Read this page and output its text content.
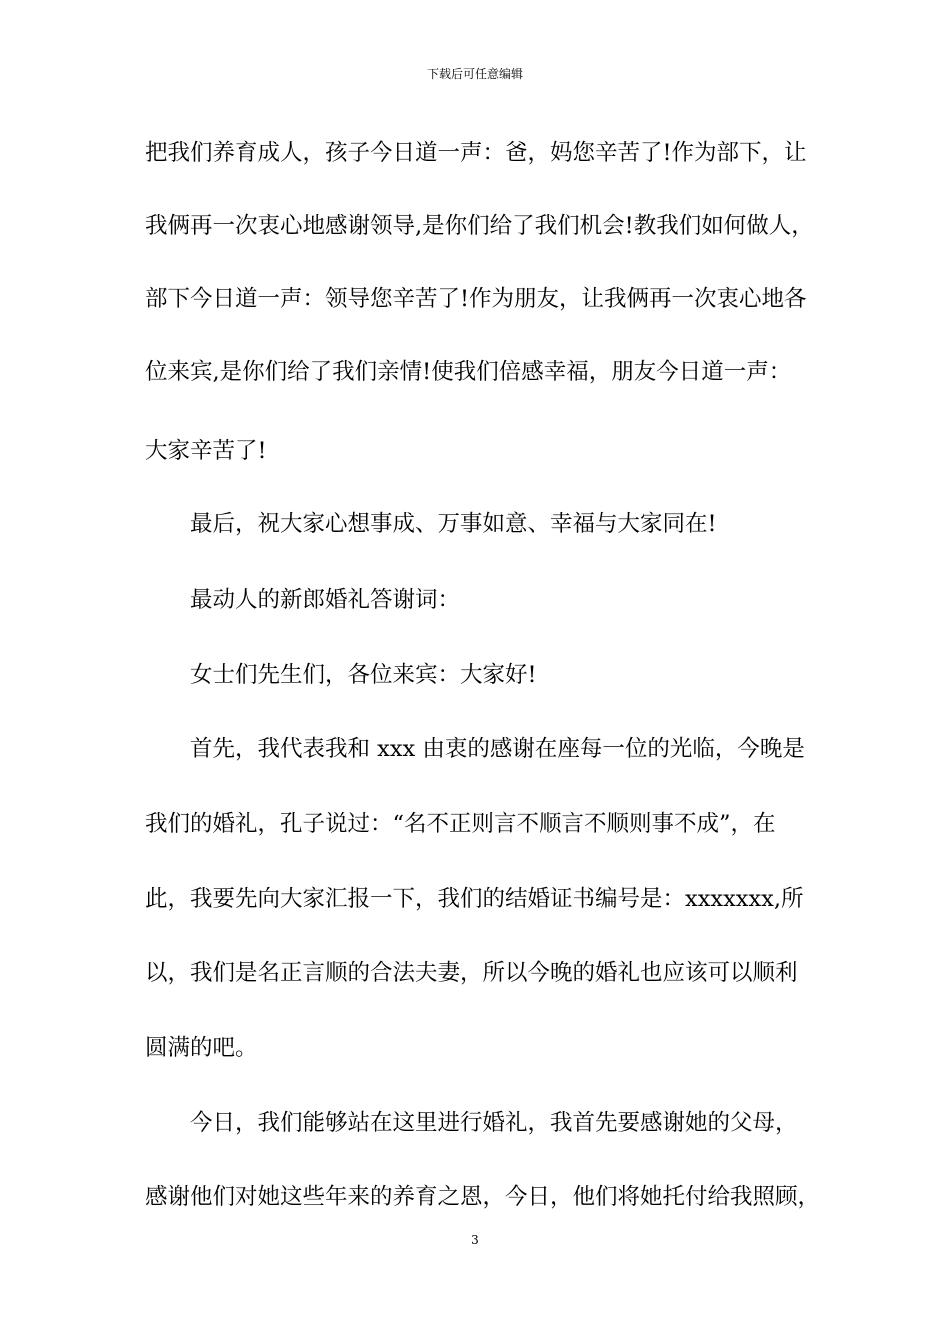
下载后可任意编辑
把我们养育成人，孩子今日道一声：爸，妈您辛苦了!作为部下，让
我俩再一次衷心地感谢领导,是你们给了我们机会!教我们如何做人，
部下今日道一声：领导您辛苦了!作为朋友，让我俩再一次衷心地各
位来宾,是你们给了我们亲情!使我们倍感幸福，朋友今日道一声：
大家辛苦了!
最后，祝大家心想事成、万事如意、幸福与大家同在!
最动人的新郎婚礼答谢词：
女士们先生们，各位来宾：大家好!
首先，我代表我和 xxx 由衷的感谢在座每一位的光临，今晚是
我们的婚礼，孔子说过：“名不正则言不顺言不顺则事不成”，在
此，我要先向大家汇报一下，我们的结婚证书编号是：xxxxxxx,所
以，我们是名正言顺的合法夫妻，所以今晚的婚礼也应该可以顺利
圆满的吧。
今日，我们能够站在这里进行婚礼，我首先要感谢她的父母，
感谢他们对她这些年来的养育之恩，今日，他们将她托付给我照顾，
3
